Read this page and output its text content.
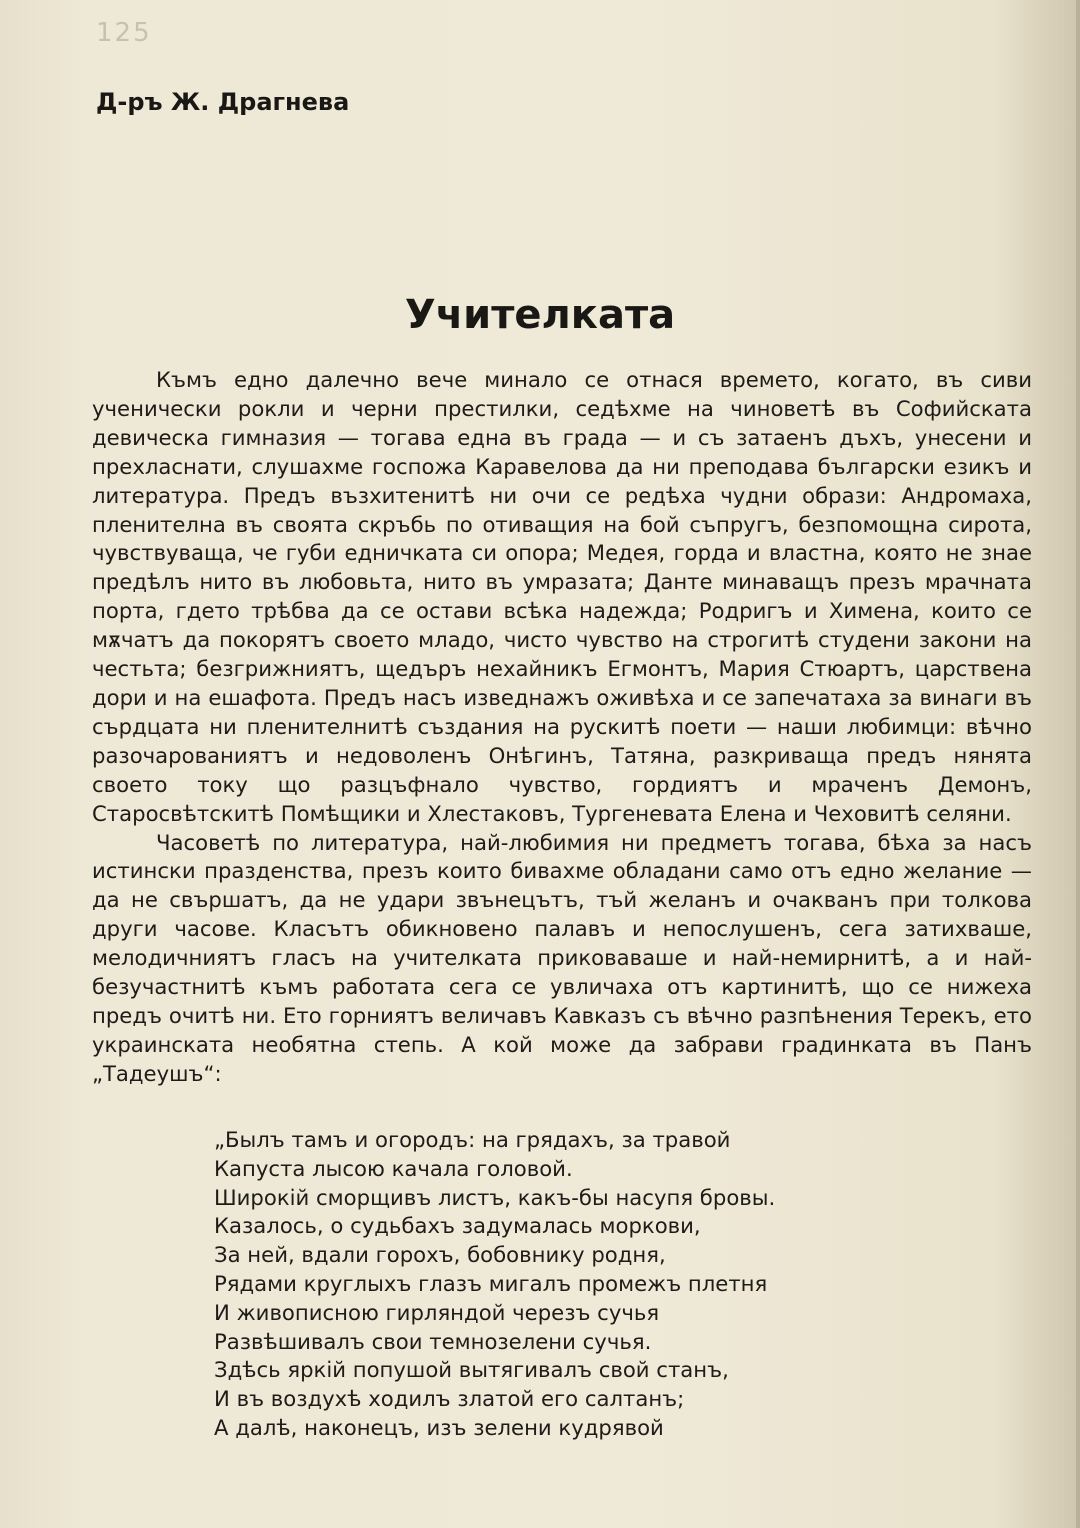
125
Д-ръ Ж. Драгнева
Учителката

Къмъ едно далечно вече минало се отнася времето, когато, въ сиви ученически рокли и черни престилки, седѣхме на чиноветѣ въ Софийската девическа гимназия — тогава една въ града — и съ затаенъ дъхъ, унесени и прехласнати, слушахме госпожа Каравелова да ни преподава български езикъ и литература. Предъ възхитенитѣ ни очи се редѣха чудни образи: Андромаха, пленителна въ своята скръбь по отиващия на бой съпругъ, безпомощна сирота, чувствуваща, че губи едничката си опора; Медея, горда и властна, която не знае предѣлъ нито въ любовьта, нито въ умразата; Данте минаващъ презъ мрачната порта, гдето трѣбва да се остави всѣка надежда; Родригъ и Химена, които се мѫчатъ да покорятъ своето младо, чисто чувство на строгитѣ студени закони на честьта; безгрижниятъ, щедъръ нехайникъ Егмонтъ, Мария Стюартъ, царствена дори и на ешафота. Предъ насъ изведнажъ оживѣха и се запечатаха за винаги въ сърдцата ни пленителнитѣ създания на рускитѣ поети — наши любимци: вѣчно разочарованиятъ и недоволенъ Онѣгинъ, Татяна, разкриваща предъ нянята своето току що разцъфнало чувство, гордиятъ и мраченъ Демонъ, Старосвѣтскитѣ Помѣщики и Хлестаковъ, Тургеневата Елена и Чеховитѣ селяни.

Часоветѣ по литература, най-любимия ни предметъ тогава, бѣха за насъ истински празденства, презъ които бивахме обладани само отъ едно желание — да не свършатъ, да не удари звънецътъ, тъй желанъ и очакванъ при толкова други часове. Класътъ обикновено палавъ и непослушенъ, сега затихваше, мелодичниятъ гласъ на учителката приковаваше и най-немирнитѣ, а и най-безучастнитѣ къмъ работата сега се увличаха отъ картинитѣ, що се нижеха предъ очитѣ ни. Ето горниятъ величавъ Кавказъ съ вѣчно разпѣнения Терекъ, ето украинската необятна степь. А кой може да забрави градинката въ Панъ „Тадеушъ“:

„Былъ тамъ и огородъ: на грядахъ, за травой
Капуста лысою качала головой.
Широкій сморщивъ листъ, какъ-бы насупя бровы.
Казалось, о судьбахъ задумалась моркови,
За ней, вдали горохъ, бобовнику родня,
Рядами круглыхъ глазъ мигалъ промежъ плетня
И живописною гирляндой черезъ сучья
Развѣшивалъ свои темнозелени сучья.
Здѣсь яркій попушой вытягивалъ свой станъ,
И въ воздухѣ ходилъ златой его салтанъ;
А далѣ, наконецъ, изъ зелени кудрявой
